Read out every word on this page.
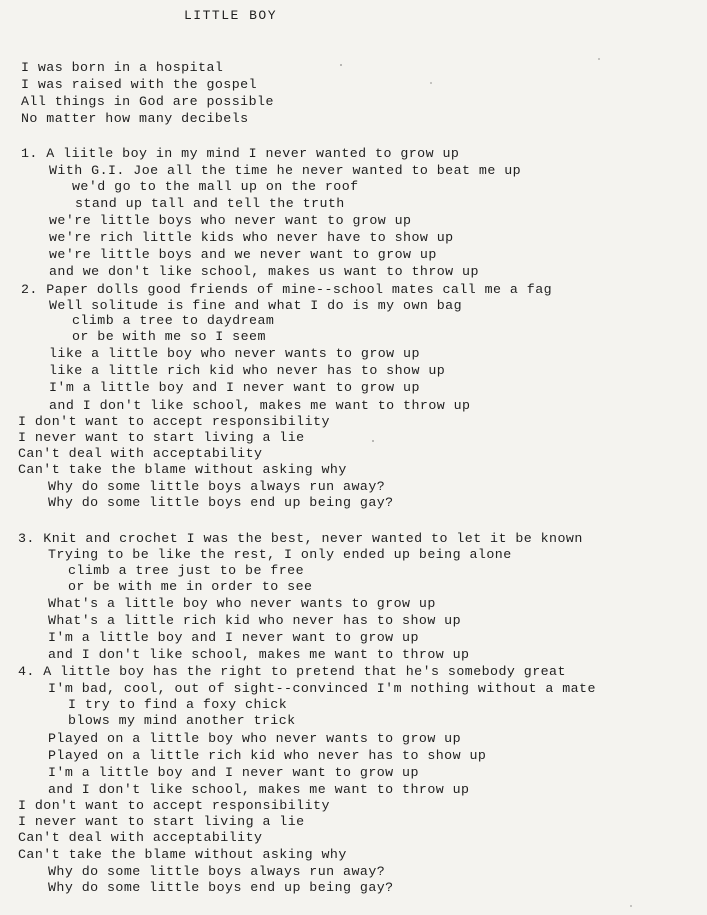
LITTLE BOY
I was born in a hospital
I was raised with the gospel
All things in God are possible
No matter how many decibels
1. A liitle boy in my mind I never wanted to grow up
With G.I. Joe all the time he never wanted to beat me up
we'd go to the mall up on the roof
stand up tall and tell the truth
we're little boys who never want to grow up
we're rich little kids who never have to show up
we're little boys and we never want to grow up
and we don't like school, makes us want to throw up
2. Paper dolls good friends of mine--school mates call me a fag
Well solitude is fine and what I do is my own bag
climb a tree to daydream
or be with me so I seem
like a little boy who never wants to grow up
like a little rich kid who never has to show up
I'm a little boy and I never want to grow up
and I don't like school, makes me want to throw up
I don't want to accept responsibility
I never want to start living a lie
Can't deal with acceptability
Can't take the blame without asking why
Why do some little boys always run away?
Why do some little boys end up being gay?
3. Knit and crochet I was the best, never wanted to let it be known
Trying to be like the rest, I only ended up being alone
climb a tree just to be free
or be with me in order to see
What's a little boy who never wants to grow up
What's a little rich kid who never has to show up
I'm a little boy and I never want to grow up
and I don't like school, makes me want to throw up
4. A little boy has the right to pretend that he's somebody great
I'm bad, cool, out of sight--convinced I'm nothing without a mate
I try to find a foxy chick
blows my mind another trick
Played on a little boy who never wants to grow up
Played on a little rich kid who never has to show up
I'm a little boy and I never want to grow up
and I don't like school, makes me want to throw up
I don't want to accept responsibility
I never want to start living a lie
Can't deal with acceptability
Can't take the blame without asking why
Why do some little boys always run away?
Why do some little boys end up being gay?
